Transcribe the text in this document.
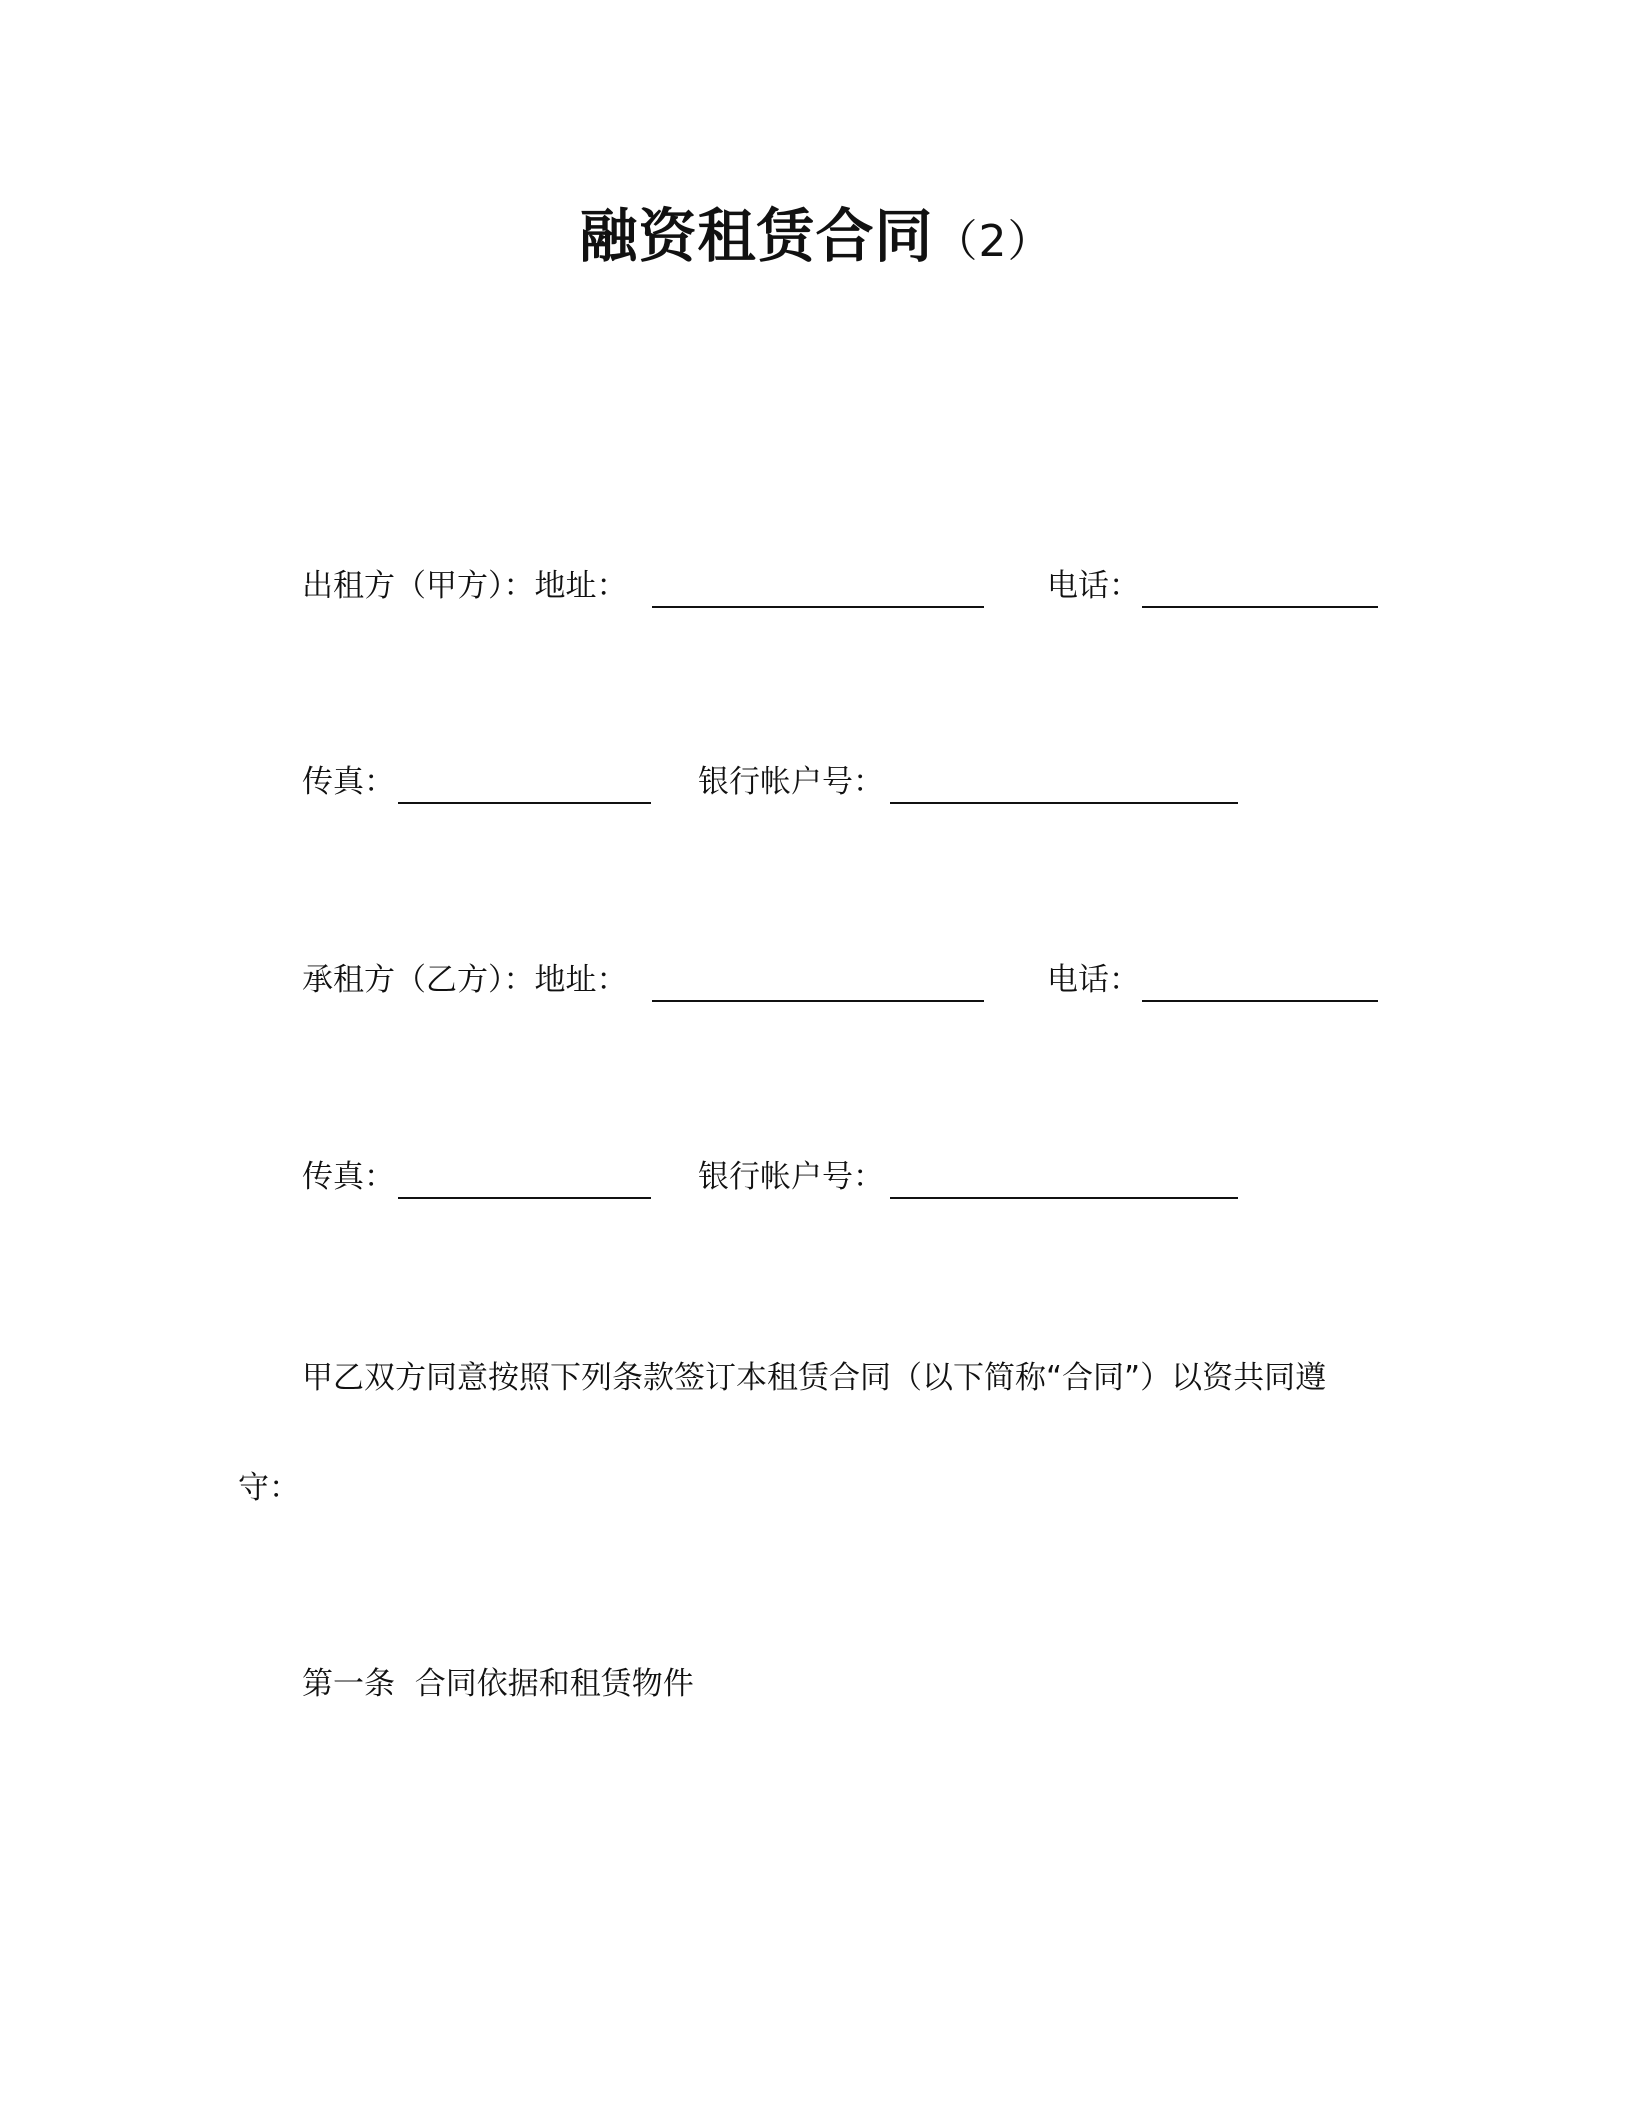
融资租赁合同（2）
出租方（甲方）：地址：	电话：
传真：	银行帐户号：
承租方（乙方）：地址：	电话：
传真：	银行帐户号：
甲乙双方同意按照下列条款签订本租赁合同（以下简称“合同”）以资共同遵
守：
第一条  合同依据和租赁物件
